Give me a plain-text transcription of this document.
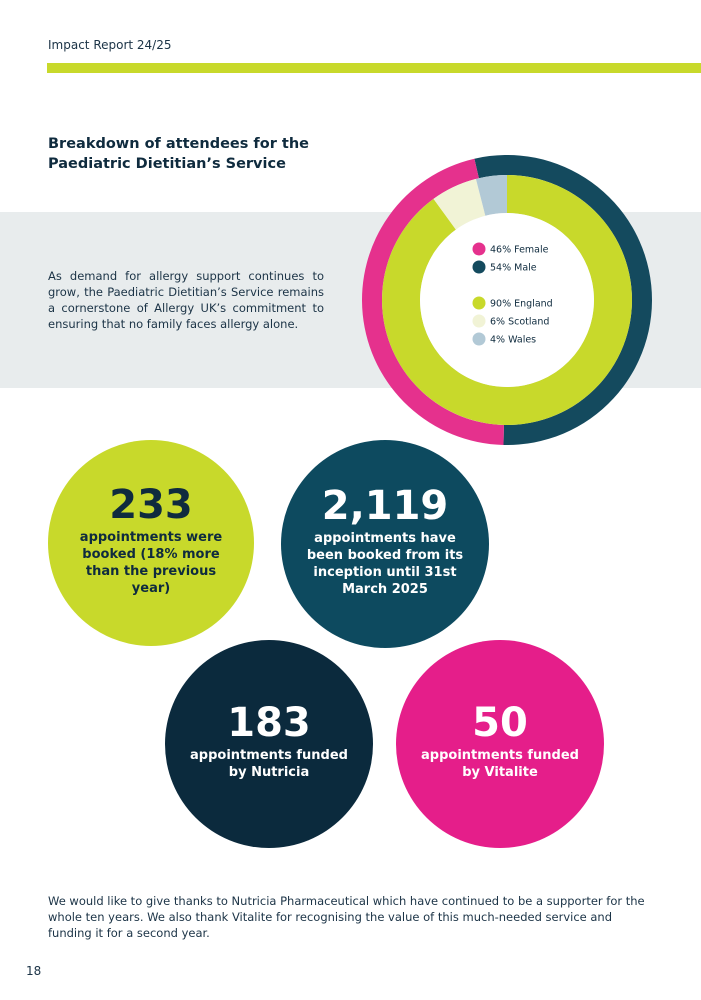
Impact Report 24/25
Breakdown of attendees for the Paediatric Dietitian’s Service
As demand for allergy support continues to grow, the Paediatric Dietitian’s Service remains a cornerstone of Allergy UK’s commitment to ensuring that no family faces allergy alone.
46% Female
54% Male
90% England
6% Scotland
4% Wales
233
appointments were booked (18% more than the previous year)
2,119
appointments have been booked from its inception until 31st March 2025
183
appointments funded by Nutricia
50
appointments funded by Vitalite
We would like to give thanks to Nutricia Pharmaceutical which have continued to be a supporter for the whole ten years. We also thank Vitalite for recognising the value of this much-needed service and funding it for a second year.
18
